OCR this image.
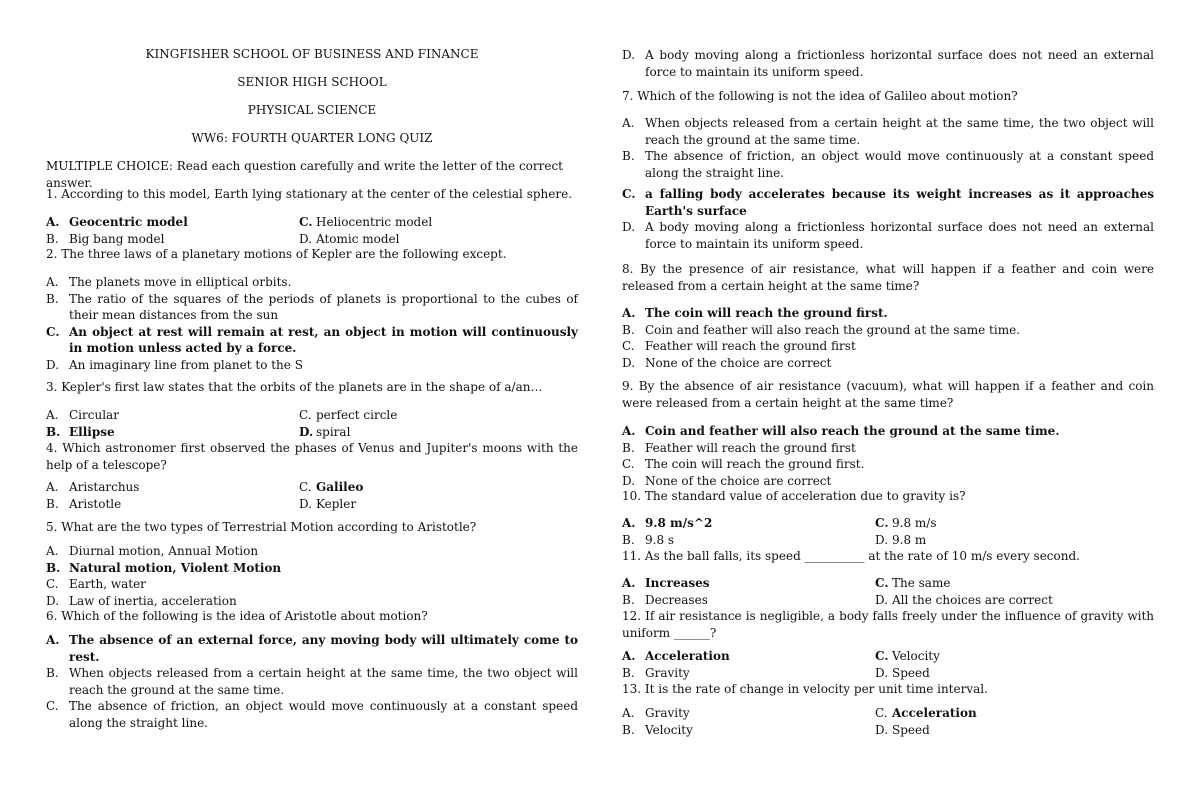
KINGFISHER SCHOOL OF BUSINESS AND FINANCE
SENIOR HIGH SCHOOL
PHYSICAL SCIENCE
WW6: FOURTH QUARTER LONG QUIZ
MULTIPLE CHOICE: Read each question carefully and write the letter of the correct answer.
1. According to this model, Earth lying stationary at the center of the celestial sphere.
A. Geocentric model	C. Heliocentric model
B. Big bang model	D. Atomic model
2. The three laws of a planetary motions of Kepler are the following except.
A. The planets move in elliptical orbits.
B. The ratio of the squares of the periods of planets is proportional to the cubes of their mean distances from the sun
C. An object at rest will remain at rest, an object in motion will continuously in motion unless acted by a force.
D. An imaginary line from planet to the S
3. Kepler's first law states that the orbits of the planets are in the shape of a/an…
A. Circular	C. perfect circle
B. Ellipse	D. spiral
4. Which astronomer first observed the phases of Venus and Jupiter's moons with the help of a telescope?
A. Aristarchus	C. Galileo
B. Aristotle	D. Kepler
5. What are the two types of Terrestrial Motion according to Aristotle?
A. Diurnal motion, Annual Motion
B. Natural motion, Violent Motion
C. Earth, water
D. Law of inertia, acceleration
6. Which of the following is the idea of Aristotle about motion?
A. The absence of an external force, any moving body will ultimately come to rest.
B. When objects released from a certain height at the same time, the two object will reach the ground at the same time.
C. The absence of friction, an object would move continuously at a constant speed along the straight line.
D. A body moving along a frictionless horizontal surface does not need an external force to maintain its uniform speed.
7. Which of the following is not the idea of Galileo about motion?
A. When objects released from a certain height at the same time, the two object will reach the ground at the same time.
B. The absence of friction, an object would move continuously at a constant speed along the straight line.
C. a falling body accelerates because its weight increases as it approaches Earth's surface
D. A body moving along a frictionless horizontal surface does not need an external force to maintain its uniform speed.
8. By the presence of air resistance, what will happen if a feather and coin were released from a certain height at the same time?
A. The coin will reach the ground first.
B. Coin and feather will also reach the ground at the same time.
C. Feather will reach the ground first
D. None of the choice are correct
9. By the absence of air resistance (vacuum), what will happen if a feather and coin were released from a certain height at the same time?
A. Coin and feather will also reach the ground at the same time.
B. Feather will reach the ground first
C. The coin will reach the ground first.
D. None of the choice are correct
10. The standard value of acceleration due to gravity is?
A. 9.8 m/s^2	C. 9.8 m/s
B. 9.8 s	D. 9.8 m
11. As the ball falls, its speed __________ at the rate of 10 m/s every second.
A. Increases	C. The same
B. Decreases	D. All the choices are correct
12. If air resistance is negligible, a body falls freely under the influence of gravity with uniform ______?
A. Acceleration	C. Velocity
B. Gravity	D. Speed
13. It is the rate of change in velocity per unit time interval.
A. Gravity	C. Acceleration
B. Velocity	D. Speed
